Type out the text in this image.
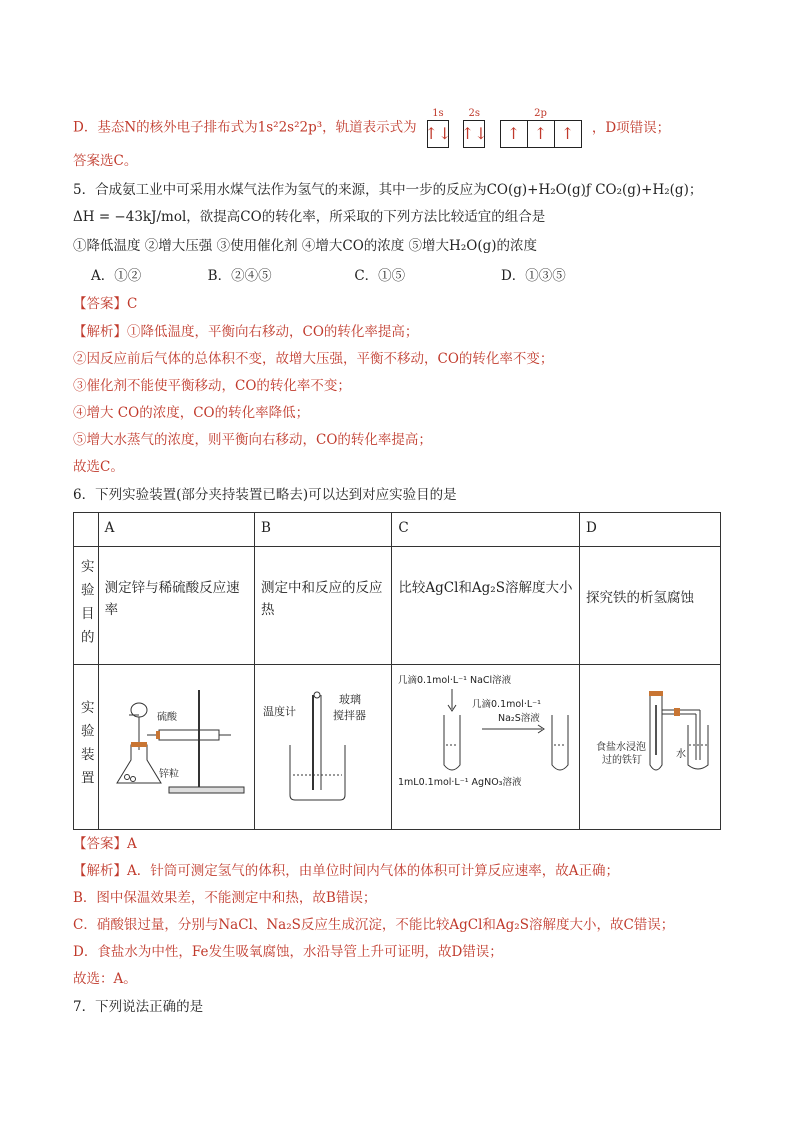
D．基态N的核外电子排布式为1s²2s²2p³，轨道表示式为
1s
↑↓

2s
↑↓

2p
↑ ↑ ↑	，D项错误；
答案选C。
5．合成氨工业中可采用水煤气法作为氢气的来源，其中一步的反应为CO(g)+H₂O(g)ƒ CO₂(g)+H₂(g)；
ΔH = −43kJ/mol，欲提高CO的转化率，所采取的下列方法比较适宜的组合是
①降低温度 ②增大压强 ③使用催化剂 ④增大CO的浓度 ⑤增大H₂O(g)的浓度
A．①②	B．②④⑤	C．①⑤	D．①③⑤
【答案】C
【解析】①降低温度，平衡向右移动，CO的转化率提高；
②因反应前后气体的总体积不变，故增大压强，平衡不移动，CO的转化率不变；
③催化剂不能使平衡移动，CO的转化率不变；
④增大 CO的浓度，CO的转化率降低；
⑤增大水蒸气的浓度，则平衡向右移动，CO的转化率提高；
故选C。
6．下列实验装置(部分夹持装置已略去)可以达到对应实验目的是
	A	B	C	D

实验目的	测定锌与稀硫酸反应速率	测定中和反应的反应热	比较AgCl和Ag₂S溶解度大小	探究铁的析氢腐蚀

实验装置	硫酸
锌粒	温度计
玻璃
搅拌器	几滴0.1mol·L⁻¹ NaCl溶液
几滴0.1mol·L⁻¹
Na₂S溶液
1mL0.1mol·L⁻¹ AgNO₃溶液	食盐水浸泡
过的铁钉
水
【答案】A
【解析】A．针筒可测定氢气的体积，由单位时间内气体的体积可计算反应速率，故A正确；
B．图中保温效果差，不能测定中和热，故B错误；
C．硝酸银过量，分别与NaCl、Na₂S反应生成沉淀，不能比较AgCl和Ag₂S溶解度大小，故C错误；
D．食盐水为中性，Fe发生吸氧腐蚀，水沿导管上升可证明，故D错误；
故选：A。
7．下列说法正确的是
